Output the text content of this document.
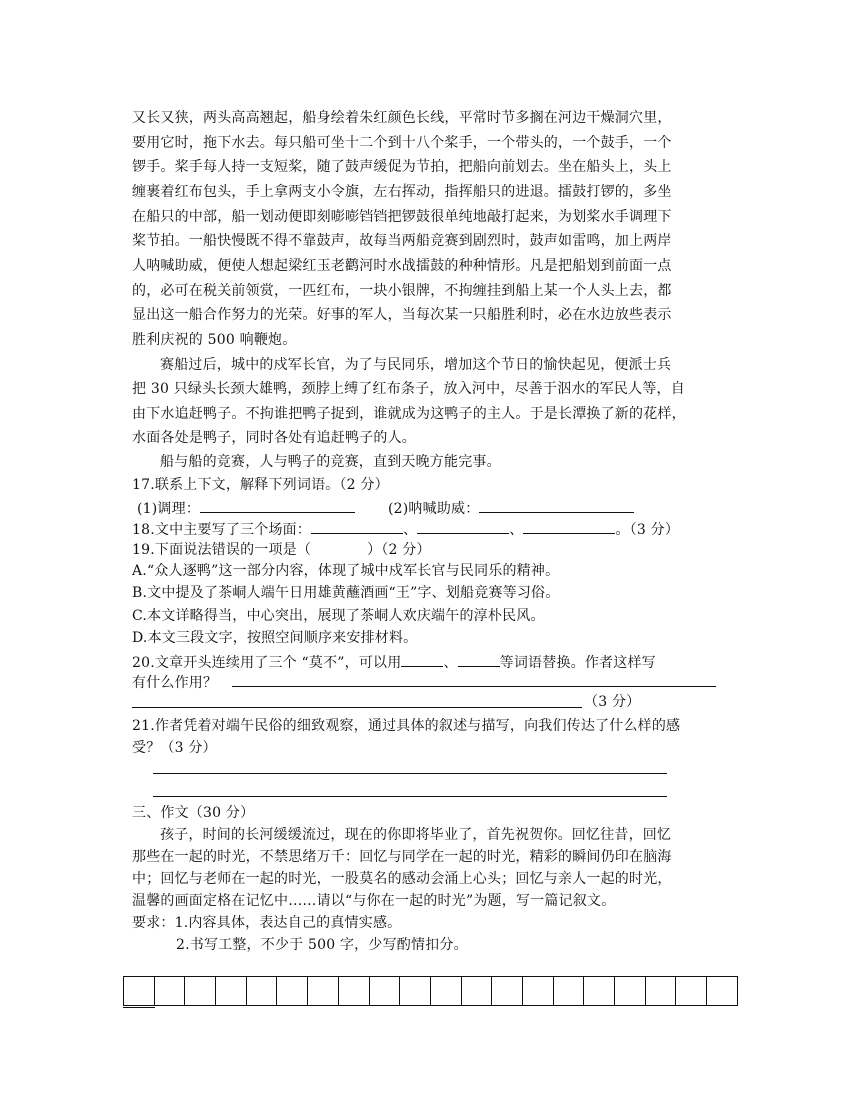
又长又狭，两头高高翘起，船身绘着朱红颜色长线，平常时节多搁在河边干燥洞穴里，
要用它时，拖下水去。每只船可坐十二个到十八个桨手，一个带头的，一个鼓手，一个
锣手。桨手每人持一支短桨，随了鼓声缓促为节拍，把船向前划去。坐在船头上，头上
缠裹着红布包头，手上拿两支小令旗，左右挥动，指挥船只的进退。擂鼓打锣的，多坐
在船只的中部，船一划动便即刻嘭嘭铛铛把锣鼓很单纯地敲打起来，为划桨水手调理下
桨节拍。一船快慢既不得不靠鼓声，故每当两船竞赛到剧烈时，鼓声如雷鸣，加上两岸
人呐喊助威，便使人想起梁红玉老鹳河时水战擂鼓的种种情形。凡是把船划到前面一点
的，必可在税关前领赏，一匹红布，一块小银牌，不拘缠挂到船上某一个人头上去，都
显出这一船合作努力的光荣。好事的军人，当每次某一只船胜利时，必在水边放些表示
胜利庆祝的 500 响鞭炮。
赛船过后，城中的戍军长官，为了与民同乐，增加这个节日的愉快起见，便派士兵
把 30 只绿头长颈大雄鸭，颈脖上缚了红布条子，放入河中，尽善于泅水的军民人等，自
由下水追赶鸭子。不拘谁把鸭子捉到，谁就成为这鸭子的主人。于是长潭换了新的花样，
水面各处是鸭子，同时各处有追赶鸭子的人。
船与船的竞赛，人与鸭子的竞赛，直到天晚方能完事。
17.联系上下文，解释下列词语。（2 分）
(1)调理：	(2)呐喊助威：
18.文中主要写了三个场面：	、	、	。（3 分）
19.下面说法错误的一项是（	）（2 分）
A.“众人逐鸭”这一部分内容，体现了城中戍军长官与民同乐的精神。
B.文中提及了茶峒人端午日用雄黄蘸酒画“王”字、划船竞赛等习俗。
C.本文详略得当，中心突出，展现了茶峒人欢庆端午的淳朴民风。
D.本文三段文字，按照空间顺序来安排材料。
20.文章开头连续用了三个 “莫不”，可以用	、	等词语替换。作者这样写
有什么作用？
（3 分）
21.作者凭着对端午民俗的细致观察，通过具体的叙述与描写，向我们传达了什么样的感
受？（3 分）
三、作文（30 分）
孩子，时间的长河缓缓流过，现在的你即将毕业了，首先祝贺你。回忆往昔，回忆
那些在一起的时光，不禁思绪万千：回忆与同学在一起的时光，精彩的瞬间仍印在脑海
中；回忆与老师在一起的时光，一股莫名的感动会涌上心头；回忆与亲人一起的时光，
温馨的画面定格在记忆中……请以“与你在一起的时光”为题，写一篇记叙文。
要求：1.内容具体，表达自己的真情实感。
2.书写工整，不少于 500 字，少写酌情扣分。
